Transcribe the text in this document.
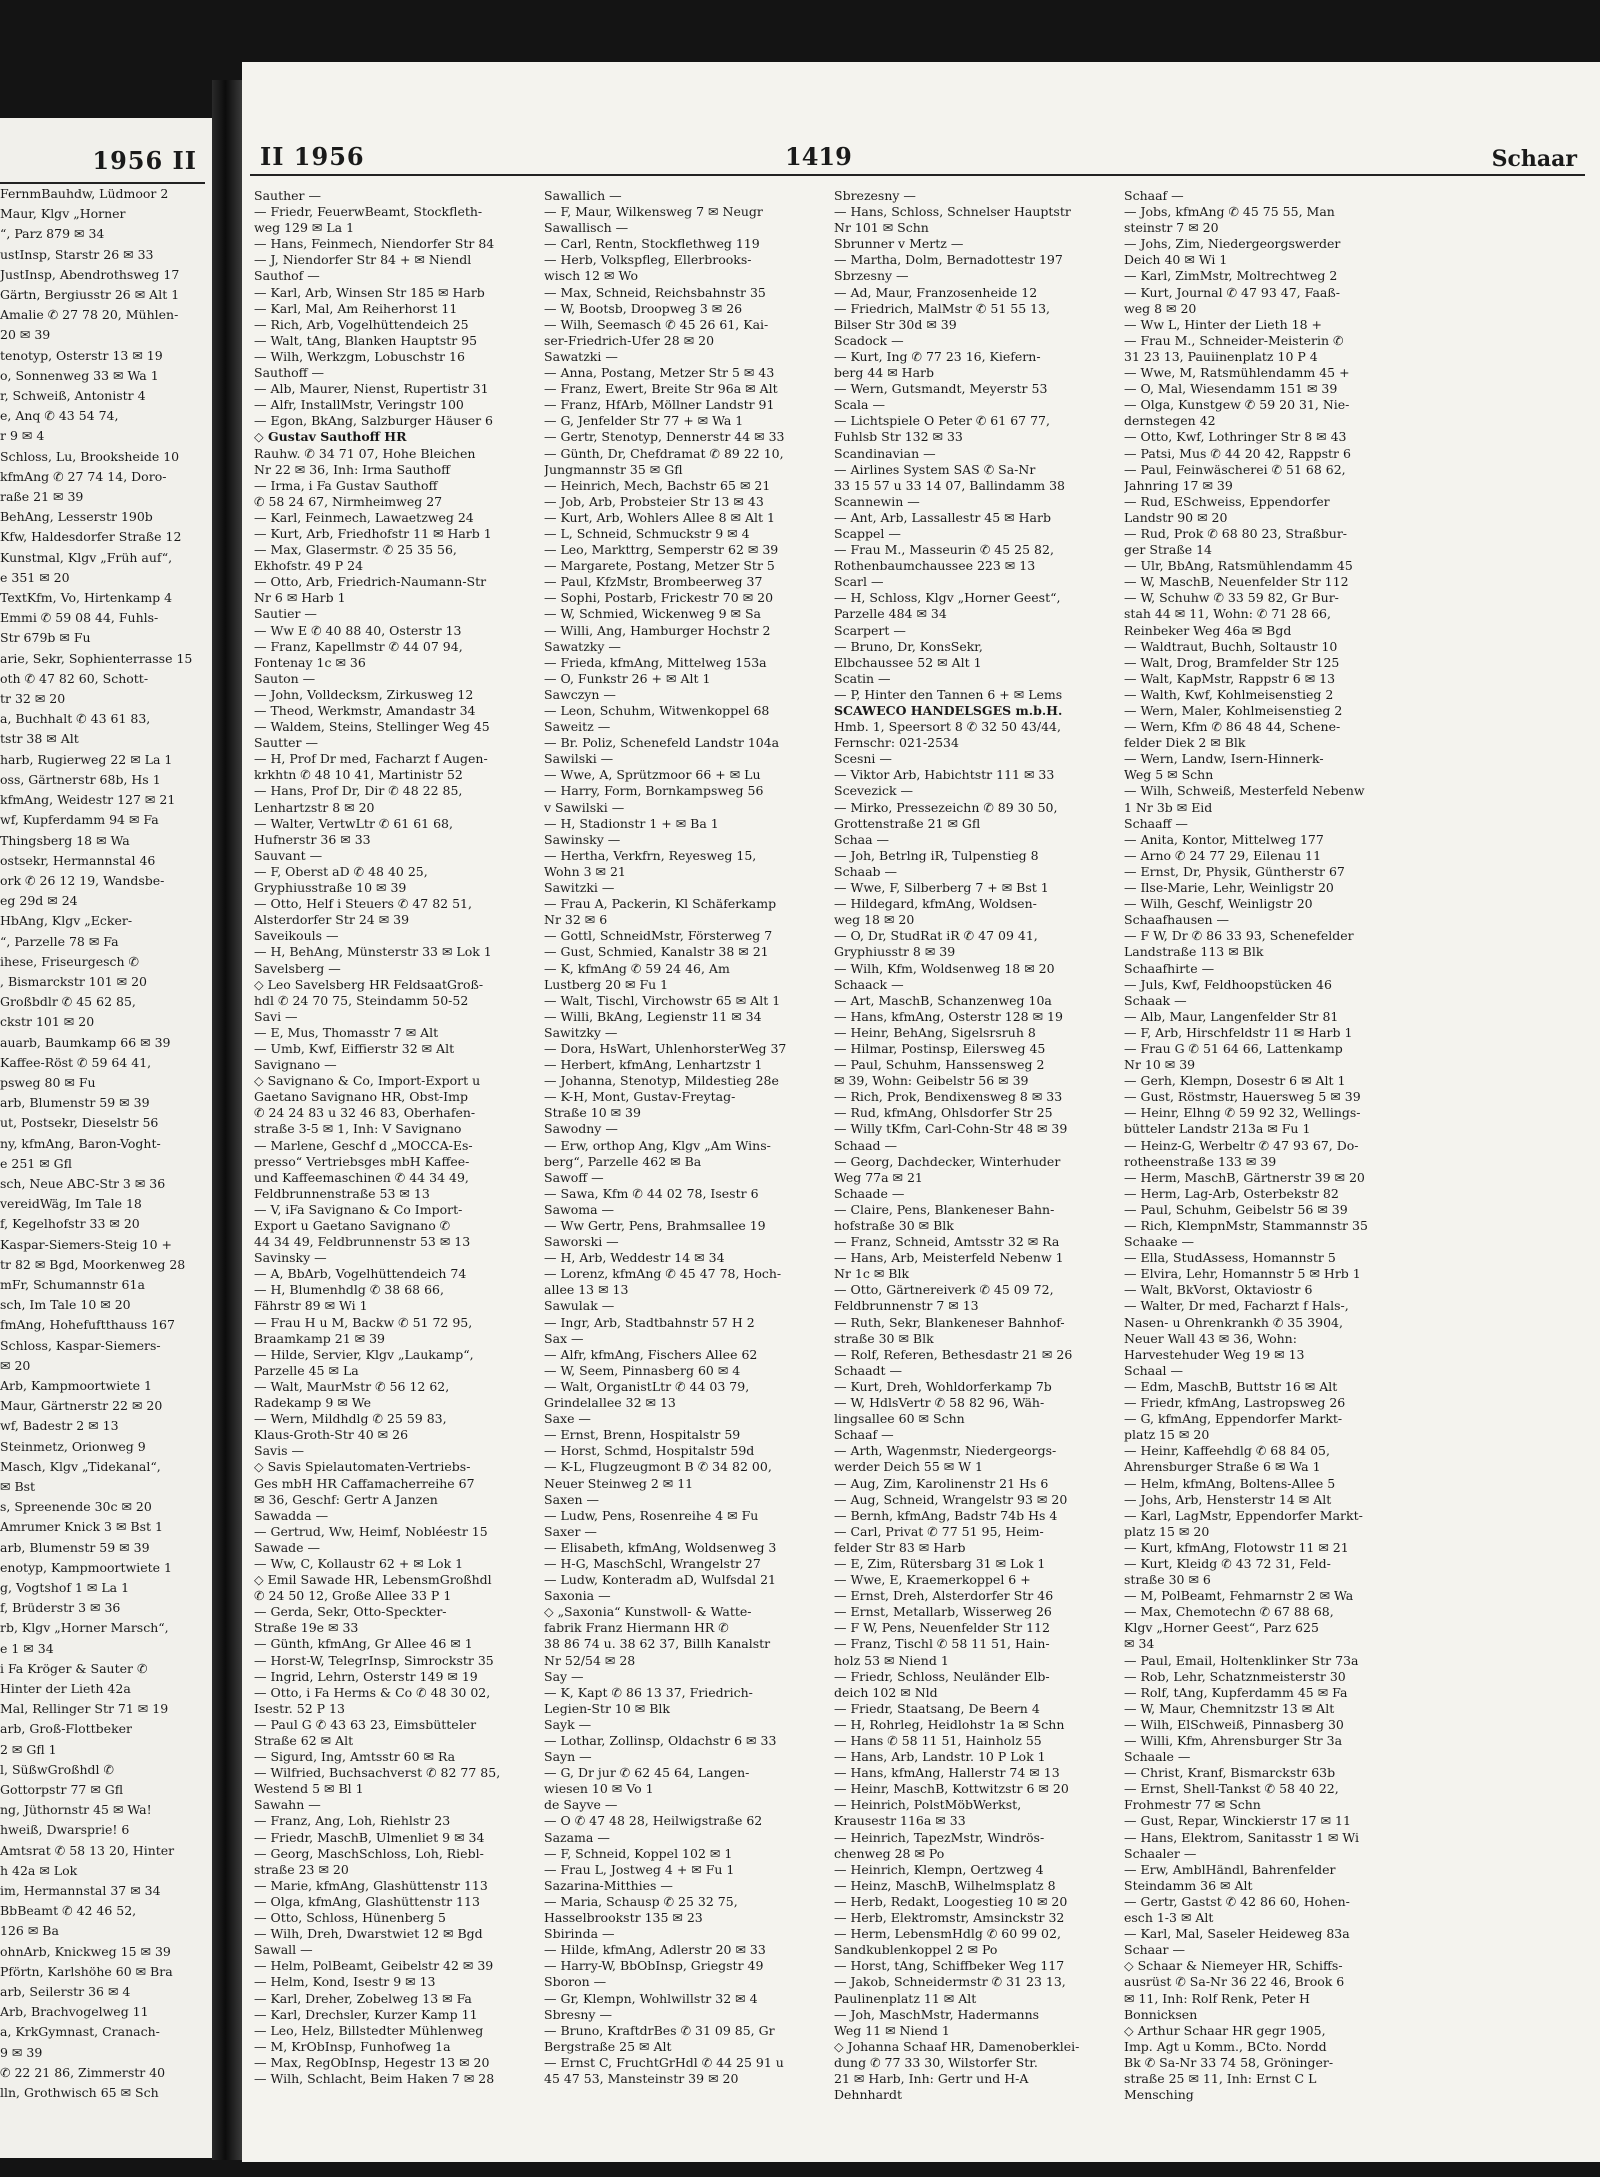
1956 II
FernmBauhdw, Lüdmoor 2
Maur, Klgv „Horner
“, Parz 879 ✉ 34
ustInsp, Starstr 26 ✉ 33
JustInsp, Abendrothsweg 17
Gärtn, Bergiusstr 26 ✉ Alt 1
Amalie ✆ 27 78 20, Mühlen-
20 ✉ 39
tenotyp, Osterstr 13 ✉ 19
o, Sonnenweg 33 ✉ Wa 1
r, Schweiß, Antonistr 4
e, Anq ✆ 43 54 74,
r 9 ✉ 4
Schloss, Lu, Brooksheide 10
kfmAng ✆ 27 74 14, Doro-
raße 21 ✉ 39
BehAng, Lesserstr 190b
Kfw, Haldesdorfer Straße 12
Kunstmal, Klgv „Früh auf“,
e 351 ✉ 20
TextKfm, Vo, Hirtenkamp 4
Emmi ✆ 59 08 44, Fuhls-
Str 679b ✉ Fu
arie, Sekr, Sophienterrasse 15
oth ✆ 47 82 60, Schott-
tr 32 ✉ 20
a, Buchhalt ✆ 43 61 83,
tstr 38 ✉ Alt
harb, Rugierweg 22 ✉ La 1
oss, Gärtnerstr 68b, Hs 1
kfmAng, Weidestr 127 ✉ 21
wf, Kupferdamm 94 ✉ Fa
Thingsberg 18 ✉ Wa
ostsekr, Hermannstal 46
ork ✆ 26 12 19, Wandsbe-
eg 29d ✉ 24
HbAng, Klgv „Ecker-
“, Parzelle 78 ✉ Fa
ihese, Friseurgesch ✆
, Bismarckstr 101 ✉ 20
Großbdlr ✆ 45 62 85,
ckstr 101 ✉ 20
auarb, Baumkamp 66 ✉ 39
Kaffee-Röst ✆ 59 64 41,
psweg 80 ✉ Fu
arb, Blumenstr 59 ✉ 39
ut, Postsekr, Dieselstr 56
ny, kfmAng, Baron-Voght-
e 251 ✉ Gfl
sch, Neue ABC-Str 3 ✉ 36
vereidWäg, Im Tale 18
f, Kegelhofstr 33 ✉ 20
Kaspar-Siemers-Steig 10 +
tr 82 ✉ Bgd, Moorkenweg 28
mFr, Schumannstr 61a
sch, Im Tale 10 ✉ 20
fmAng, Hohefuftthauss 167
Schloss, Kaspar-Siemers-
✉ 20
Arb, Kampmoortwiete 1
Maur, Gärtnerstr 22 ✉ 20
wf, Badestr 2 ✉ 13
Steinmetz, Orionweg 9
Masch, Klgv „Tidekanal“,
✉ Bst
s, Spreenende 30c ✉ 20
Amrumer Knick 3 ✉ Bst 1
arb, Blumenstr 59 ✉ 39
enotyp, Kampmoortwiete 1
g, Vogtshof 1 ✉ La 1
f, Brüderstr 3 ✉ 36
rb, Klgv „Horner Marsch“,
e 1 ✉ 34
i Fa Kröger & Sauter ✆
Hinter der Lieth 42a
Mal, Rellinger Str 71 ✉ 19
arb, Groß-Flottbeker
2 ✉ Gfl 1
l, SüßwGroßhdl ✆
Gottorpstr 77 ✉ Gfl
ng, Jüthornstr 45 ✉ Wa!
hweiß, Dwarsprie! 6
Amtsrat ✆ 58 13 20, Hinter
h 42a ✉ Lok
im, Hermannstal 37 ✉ 34
BbBeamt ✆ 42 46 52,
126 ✉ Ba
ohnArb, Knickweg 15 ✉ 39
Pförtn, Karlshöhe 60 ✉ Bra
arb, Seilerstr 36 ✉ 4
Arb, Brachvogelweg 11
a, KrkGymnast, Cranach-
9 ✉ 39
✆ 22 21 86, Zimmerstr 40
lln, Grothwisch 65 ✉ Sch
II 1956	1419	Schaar
Sauther —
— Friedr, FeuerwBeamt, Stockfleth-
weg 129 ✉ La 1
— Hans, Feinmech, Niendorfer Str 84
— J, Niendorfer Str 84 + ✉ Niendl
Sauthof —
— Karl, Arb, Winsen Str 185 ✉ Harb
— Karl, Mal, Am Reiherhorst 11
— Rich, Arb, Vogelhüttendeich 25
— Walt, tAng, Blanken Hauptstr 95
— Wilh, Werkzgm, Lobuschstr 16
Sauthoff —
— Alb, Maurer, Nienst, Rupertistr 31
— Alfr, InstallMstr, Veringstr 100
— Egon, BkAng, Salzburger Häuser 6
◇ Gustav Sauthoff HR
Rauhw. ✆ 34 71 07, Hohe Bleichen
Nr 22 ✉ 36, Inh: Irma Sauthoff
— Irma, i Fa Gustav Sauthoff
✆ 58 24 67, Nirmheimweg 27
— Karl, Feinmech, Lawaetzweg 24
— Kurt, Arb, Friedhofstr 11 ✉ Harb 1
— Max, Glasermstr. ✆ 25 35 56,
Ekhofstr. 49 P 24
— Otto, Arb, Friedrich-Naumann-Str
Nr 6 ✉ Harb 1
Sautier —
— Ww E ✆ 40 88 40, Osterstr 13
— Franz, Kapellmstr ✆ 44 07 94,
Fontenay 1c ✉ 36
Sauton —
— John, Volldecksm, Zirkusweg 12
— Theod, Werkmstr, Amandastr 34
— Waldem, Steins, Stellinger Weg 45
Sautter —
— H, Prof Dr med, Facharzt f Augen-
krkhtn ✆ 48 10 41, Martinistr 52
— Hans, Prof Dr, Dir ✆ 48 22 85,
Lenhartzstr 8 ✉ 20
— Walter, VertwLtr ✆ 61 61 68,
Hufnerstr 36 ✉ 33
Sauvant —
— F, Oberst aD ✆ 48 40 25,
Gryphiusstraße 10 ✉ 39
— Otto, Helf i Steuers ✆ 47 82 51,
Alsterdorfer Str 24 ✉ 39
Saveikouls —
— H, BehAng, Münsterstr 33 ✉ Lok 1
Savelsberg —
◇ Leo Savelsberg HR FeldsaatGroß-
hdl ✆ 24 70 75, Steindamm 50-52
Savi —
— E, Mus, Thomasstr 7 ✉ Alt
— Umb, Kwf, Eiffierstr 32 ✉ Alt
Savignano —
◇ Savignano & Co, Import-Export u
Gaetano Savignano HR, Obst-Imp
✆ 24 24 83 u 32 46 83, Oberhafen-
straße 3-5 ✉ 1, Inh: V Savignano
— Marlene, Geschf d „MOCCA-Es-
presso“ Vertriebsges mbH Kaffee-
und Kaffeemaschinen ✆ 44 34 49,
Feldbrunnenstraße 53 ✉ 13
— V, iFa Savignano & Co Import-
Export u Gaetano Savignano ✆
44 34 49, Feldbrunnenstr 53 ✉ 13
Savinsky —
— A, BbArb, Vogelhüttendeich 74
— H, Blumenhdlg ✆ 38 68 66,
Fährstr 89 ✉ Wi 1
— Frau H u M, Backw ✆ 51 72 95,
Braamkamp 21 ✉ 39
— Hilde, Servier, Klgv „Laukamp“,
Parzelle 45 ✉ La
— Walt, MaurMstr ✆ 56 12 62,
Radekamp 9 ✉ We
— Wern, Mildhdlg ✆ 25 59 83,
Klaus-Groth-Str 40 ✉ 26
Savis —
◇ Savis Spielautomaten-Vertriebs-
Ges mbH HR Caffamacherreihe 67
✉ 36, Geschf: Gertr A Janzen
Sawadda —
— Gertrud, Ww, Heimf, Nobléestr 15
Sawade —
— Ww, C, Kollaustr 62 + ✉ Lok 1
◇ Emil Sawade HR, LebensmGroßhdl
✆ 24 50 12, Große Allee 33 P 1
— Gerda, Sekr, Otto-Speckter-
Straße 19e ✉ 33
— Günth, kfmAng, Gr Allee 46 ✉ 1
— Horst-W, TelegrInsp, Simrockstr 35
— Ingrid, Lehrn, Osterstr 149 ✉ 19
— Otto, i Fa Herms & Co ✆ 48 30 02,
Isestr. 52 P 13
— Paul G ✆ 43 63 23, Eimsbütteler
Straße 62 ✉ Alt
— Sigurd, Ing, Amtsstr 60 ✉ Ra
— Wilfried, Buchsachverst ✆ 82 77 85,
Westend 5 ✉ Bl 1
Sawahn —
— Franz, Ang, Loh, Riehlstr 23
— Friedr, MaschB, Ulmenliet 9 ✉ 34
— Georg, MaschSchloss, Loh, Riebl-
straße 23 ✉ 20
— Marie, kfmAng, Glashüttenstr 113
— Olga, kfmAng, Glashüttenstr 113
— Otto, Schloss, Hünenberg 5
— Wilh, Dreh, Dwarstwiet 12 ✉ Bgd
Sawall —
— Helm, PolBeamt, Geibelstr 42 ✉ 39
— Helm, Kond, Isestr 9 ✉ 13
— Karl, Dreher, Zobelweg 13 ✉ Fa
— Karl, Drechsler, Kurzer Kamp 11
— Leo, Helz, Billstedter Mühlenweg
— M, KrObInsp, Funhofweg 1a
— Max, RegObInsp, Hegestr 13 ✉ 20
— Wilh, Schlacht, Beim Haken 7 ✉ 28
Sawallich —
— F, Maur, Wilkensweg 7 ✉ Neugr
Sawallisch —
— Carl, Rentn, Stockflethweg 119
— Herb, Volkspfleg, Ellerbrooks-
wisch 12 ✉ Wo
— Max, Schneid, Reichsbahnstr 35
— W, Bootsb, Droopweg 3 ✉ 26
— Wilh, Seemasch ✆ 45 26 61, Kai-
ser-Friedrich-Ufer 28 ✉ 20
Sawatzki —
— Anna, Postang, Metzer Str 5 ✉ 43
— Franz, Ewert, Breite Str 96a ✉ Alt
— Franz, HfArb, Möllner Landstr 91
— G, Jenfelder Str 77 + ✉ Wa 1
— Gertr, Stenotyp, Dennerstr 44 ✉ 33
— Günth, Dr, Chefdramat ✆ 89 22 10,
Jungmannstr 35 ✉ Gfl
— Heinrich, Mech, Bachstr 65 ✉ 21
— Job, Arb, Probsteier Str 13 ✉ 43
— Kurt, Arb, Wohlers Allee 8 ✉ Alt 1
— L, Schneid, Schmuckstr 9 ✉ 4
— Leo, Markttrg, Semperstr 62 ✉ 39
— Margarete, Postang, Metzer Str 5
— Paul, KfzMstr, Brombeerweg 37
— Sophi, Postarb, Frickestr 70 ✉ 20
— W, Schmied, Wickenweg 9 ✉ Sa
— Willi, Ang, Hamburger Hochstr 2
Sawatzky —
— Frieda, kfmAng, Mittelweg 153a
— O, Funkstr 26 + ✉ Alt 1
Sawczyn —
— Leon, Schuhm, Witwenkoppel 68
Saweitz —
— Br. Poliz, Schenefeld Landstr 104a
Sawilski —
— Wwe, A, Sprützmoor 66 + ✉ Lu
— Harry, Form, Bornkampsweg 56
v Sawilski —
— H, Stadionstr 1 + ✉ Ba 1
Sawinsky —
— Hertha, Verkfrn, Reyesweg 15,
Wohn 3 ✉ 21
Sawitzki —
— Frau A, Packerin, Kl Schäferkamp
Nr 32 ✉ 6
— Gottl, SchneidMstr, Försterweg 7
— Gust, Schmied, Kanalstr 38 ✉ 21
— K, kfmAng ✆ 59 24 46, Am
Lustberg 20 ✉ Fu 1
— Walt, Tischl, Virchowstr 65 ✉ Alt 1
— Willi, BkAng, Legienstr 11 ✉ 34
Sawitzky —
— Dora, HsWart, UhlenhorsterWeg 37
— Herbert, kfmAng, Lenhartzstr 1
— Johanna, Stenotyp, Mildestieg 28e
— K-H, Mont, Gustav-Freytag-
Straße 10 ✉ 39
Sawodny —
— Erw, orthop Ang, Klgv „Am Wins-
berg“, Parzelle 462 ✉ Ba
Sawoff —
— Sawa, Kfm ✆ 44 02 78, Isestr 6
Sawoma —
— Ww Gertr, Pens, Brahmsallee 19
Saworski —
— H, Arb, Weddestr 14 ✉ 34
— Lorenz, kfmAng ✆ 45 47 78, Hoch-
allee 13 ✉ 13
Sawulak —
— Ingr, Arb, Stadtbahnstr 57 H 2
Sax —
— Alfr, kfmAng, Fischers Allee 62
— W, Seem, Pinnasberg 60 ✉ 4
— Walt, OrganistLtr ✆ 44 03 79,
Grindelallee 32 ✉ 13
Saxe —
— Ernst, Brenn, Hospitalstr 59
— Horst, Schmd, Hospitalstr 59d
— K-L, Flugzeugmont B ✆ 34 82 00,
Neuer Steinweg 2 ✉ 11
Saxen —
— Ludw, Pens, Rosenreihe 4 ✉ Fu
Saxer —
— Elisabeth, kfmAng, Woldsenweg 3
— H-G, MaschSchl, Wrangelstr 27
— Ludw, Konteradm aD, Wulfsdal 21
Saxonia —
◇ „Saxonia“ Kunstwoll- & Watte-
fabrik Franz Hiermann HR ✆
38 86 74 u. 38 62 37, Billh Kanalstr
Nr 52/54 ✉ 28
Say —
— K, Kapt ✆ 86 13 37, Friedrich-
Legien-Str 10 ✉ Blk
Sayk —
— Lothar, Zollinsp, Oldachstr 6 ✉ 33
Sayn —
— G, Dr jur ✆ 62 45 64, Langen-
wiesen 10 ✉ Vo 1
de Sayve —
— O ✆ 47 48 28, Heilwigstraße 62
Sazama —
— F, Schneid, Koppel 102 ✉ 1
— Frau L, Jostweg 4 + ✉ Fu 1
Sazarina-Mitthies —
— Maria, Schausp ✆ 25 32 75,
Hasselbrookstr 135 ✉ 23
Sbirinda —
— Hilde, kfmAng, Adlerstr 20 ✉ 33
— Harry-W, BbObInsp, Griegstr 49
Sboron —
— Gr, Klempn, Wohlwillstr 32 ✉ 4
Sbresny —
— Bruno, KraftdrBes ✆ 31 09 85, Gr
Bergstraße 25 ✉ Alt
— Ernst C, FruchtGrHdl ✆ 44 25 91 u
45 47 53, Mansteinstr 39 ✉ 20
Sbrezesny —
— Hans, Schloss, Schnelser Hauptstr
Nr 101 ✉ Schn
Sbrunner v Mertz —
— Martha, Dolm, Bernadottestr 197
Sbrzesny —
— Ad, Maur, Franzosenheide 12
— Friedrich, MalMstr ✆ 51 55 13,
Bilser Str 30d ✉ 39
Scadock —
— Kurt, Ing ✆ 77 23 16, Kiefern-
berg 44 ✉ Harb
— Wern, Gutsmandt, Meyerstr 53
Scala —
— Lichtspiele O Peter ✆ 61 67 77,
Fuhlsb Str 132 ✉ 33
Scandinavian —
— Airlines System SAS ✆ Sa-Nr
33 15 57 u 33 14 07, Ballindamm 38
Scannewin —
— Ant, Arb, Lassallestr 45 ✉ Harb
Scappel —
— Frau M., Masseurin ✆ 45 25 82,
Rothenbaumchaussee 223 ✉ 13
Scarl —
— H, Schloss, Klgv „Horner Geest“,
Parzelle 484 ✉ 34
Scarpert —
— Bruno, Dr, KonsSekr,
Elbchaussee 52 ✉ Alt 1
Scatin —
— P, Hinter den Tannen 6 + ✉ Lems
SCAWECO HANDELSGES m.b.H.
Hmb. 1, Speersort 8 ✆ 32 50 43/44,
Fernschr: 021-2534
Scesni —
— Viktor Arb, Habichtstr 111 ✉ 33
Scevezick —
— Mirko, Pressezeichn ✆ 89 30 50,
Grottenstraße 21 ✉ Gfl
Schaa —
— Joh, Betrlng iR, Tulpenstieg 8
Schaab —
— Wwe, F, Silberberg 7 + ✉ Bst 1
— Hildegard, kfmAng, Woldsen-
weg 18 ✉ 20
— O, Dr, StudRat iR ✆ 47 09 41,
Gryphiusstr 8 ✉ 39
— Wilh, Kfm, Woldsenweg 18 ✉ 20
Schaack —
— Art, MaschB, Schanzenweg 10a
— Hans, kfmAng, Osterstr 128 ✉ 19
— Heinr, BehAng, Sigelsrsruh 8
— Hilmar, Postinsp, Eilersweg 45
— Paul, Schuhm, Hanssensweg 2
✉ 39, Wohn: Geibelstr 56 ✉ 39
— Rich, Prok, Bendixensweg 8 ✉ 33
— Rud, kfmAng, Ohlsdorfer Str 25
— Willy tKfm, Carl-Cohn-Str 48 ✉ 39
Schaad —
— Georg, Dachdecker, Winterhuder
Weg 77a ✉ 21
Schaade —
— Claire, Pens, Blankeneser Bahn-
hofstraße 30 ✉ Blk
— Franz, Schneid, Amtsstr 32 ✉ Ra
— Hans, Arb, Meisterfeld Nebenw 1
Nr 1c ✉ Blk
— Otto, Gärtnereiverk ✆ 45 09 72,
Feldbrunnenstr 7 ✉ 13
— Ruth, Sekr, Blankeneser Bahnhof-
straße 30 ✉ Blk
— Rolf, Referen, Bethesdastr 21 ✉ 26
Schaadt —
— Kurt, Dreh, Wohldorferkamp 7b
— W, HdlsVertr ✆ 58 82 96, Wäh-
lingsallee 60 ✉ Schn
Schaaf —
— Arth, Wagenmstr, Niedergeorgs-
werder Deich 55 ✉ W 1
— Aug, Zim, Karolinenstr 21 Hs 6
— Aug, Schneid, Wrangelstr 93 ✉ 20
— Bernh, kfmAng, Badstr 74b Hs 4
— Carl, Privat ✆ 77 51 95, Heim-
felder Str 83 ✉ Harb
— E, Zim, Rütersbarg 31 ✉ Lok 1
— Wwe, E, Kraemerkoppel 6 +
— Ernst, Dreh, Alsterdorfer Str 46
— Ernst, Metallarb, Wisserweg 26
— F W, Pens, Neuenfelder Str 112
— Franz, Tischl ✆ 58 11 51, Hain-
holz 53 ✉ Niend 1
— Friedr, Schloss, Neuländer Elb-
deich 102 ✉ Nld
— Friedr, Staatsang, De Beern 4
— H, Rohrleg, Heidlohstr 1a ✉ Schn
— Hans ✆ 58 11 51, Hainholz 55
— Hans, Arb, Landstr. 10 P Lok 1
— Hans, kfmAng, Hallerstr 74 ✉ 13
— Heinr, MaschB, Kottwitzstr 6 ✉ 20
— Heinrich, PolstMöbWerkst,
Krausestr 116a ✉ 33
— Heinrich, TapezMstr, Windrös-
chenweg 28 ✉ Po
— Heinrich, Klempn, Oertzweg 4
— Heinz, MaschB, Wilhelmsplatz 8
— Herb, Redakt, Loogestieg 10 ✉ 20
— Herb, Elektromstr, Amsinckstr 32
— Herm, LebensmHdlg ✆ 60 99 02,
Sandkublenkoppel 2 ✉ Po
— Horst, tAng, Schiffbeker Weg 117
— Jakob, Schneidermstr ✆ 31 23 13,
Paulinenplatz 11 ✉ Alt
— Joh, MaschMstr, Hadermanns
Weg 11 ✉ Niend 1
◇ Johanna Schaaf HR, Damenoberklei-
dung ✆ 77 33 30, Wilstorfer Str.
21 ✉ Harb, Inh: Gertr und H-A
Dehnhardt
Schaaf —
— Jobs, kfmAng ✆ 45 75 55, Man
steinstr 7 ✉ 20
— Johs, Zim, Niedergeorgswerder
Deich 40 ✉ Wi 1
— Karl, ZimMstr, Moltrechtweg 2
— Kurt, Journal ✆ 47 93 47, Faaß-
weg 8 ✉ 20
— Ww L, Hinter der Lieth 18 +
— Frau M., Schneider-Meisterin ✆
31 23 13, Pauiinenplatz 10 P 4
— Wwe, M, Ratsmühlendamm 45 +
— O, Mal, Wiesendamm 151 ✉ 39
— Olga, Kunstgew ✆ 59 20 31, Nie-
dernstegen 42
— Otto, Kwf, Lothringer Str 8 ✉ 43
— Patsi, Mus ✆ 44 20 42, Rappstr 6
— Paul, Feinwäscherei ✆ 51 68 62,
Jahnring 17 ✉ 39
— Rud, ESchweiss, Eppendorfer
Landstr 90 ✉ 20
— Rud, Prok ✆ 68 80 23, Straßbur-
ger Straße 14
— Ulr, BbAng, Ratsmühlendamm 45
— W, MaschB, Neuenfelder Str 112
— W, Schuhw ✆ 33 59 82, Gr Bur-
stah 44 ✉ 11, Wohn: ✆ 71 28 66,
Reinbeker Weg 46a ✉ Bgd
— Waldtraut, Buchh, Soltaustr 10
— Walt, Drog, Bramfelder Str 125
— Walt, KapMstr, Rappstr 6 ✉ 13
— Walth, Kwf, Kohlmeisenstieg 2
— Wern, Maler, Kohlmeisenstieg 2
— Wern, Kfm ✆ 86 48 44, Schene-
felder Diek 2 ✉ Blk
— Wern, Landw, Isern-Hinnerk-
Weg 5 ✉ Schn
— Wilh, Schweiß, Mesterfeld Nebenw
1 Nr 3b ✉ Eid
Schaaff —
— Anita, Kontor, Mittelweg 177
— Arno ✆ 24 77 29, Eilenau 11
— Ernst, Dr, Physik, Güntherstr 67
— Ilse-Marie, Lehr, Weinligstr 20
— Wilh, Geschf, Weinligstr 20
Schaafhausen —
— F W, Dr ✆ 86 33 93, Schenefelder
Landstraße 113 ✉ Blk
Schaafhirte —
— Juls, Kwf, Feldhoopstücken 46
Schaak —
— Alb, Maur, Langenfelder Str 81
— F, Arb, Hirschfeldstr 11 ✉ Harb 1
— Frau G ✆ 51 64 66, Lattenkamp
Nr 10 ✉ 39
— Gerh, Klempn, Dosestr 6 ✉ Alt 1
— Gust, Röstmstr, Hauersweg 5 ✉ 39
— Heinr, Elhng ✆ 59 92 32, Wellings-
bütteler Landstr 213a ✉ Fu 1
— Heinz-G, Werbeltr ✆ 47 93 67, Do-
rotheenstraße 133 ✉ 39
— Herm, MaschB, Gärtnerstr 39 ✉ 20
— Herm, Lag-Arb, Osterbekstr 82
— Paul, Schuhm, Geibelstr 56 ✉ 39
— Rich, KlempnMstr, Stammannstr 35
Schaake —
— Ella, StudAssess, Homannstr 5
— Elvira, Lehr, Homannstr 5 ✉ Hrb 1
— Walt, BkVorst, Oktaviostr 6
— Walter, Dr med, Facharzt f Hals-,
Nasen- u Ohrenkrankh ✆ 35 3904,
Neuer Wall 43 ✉ 36, Wohn:
Harvestehuder Weg 19 ✉ 13
Schaal —
— Edm, MaschB, Buttstr 16 ✉ Alt
— Friedr, kfmAng, Lastropsweg 26
— G, kfmAng, Eppendorfer Markt-
platz 15 ✉ 20
— Heinr, Kaffeehdlg ✆ 68 84 05,
Ahrensburger Straße 6 ✉ Wa 1
— Helm, kfmAng, Boltens-Allee 5
— Johs, Arb, Hensterstr 14 ✉ Alt
— Karl, LagMstr, Eppendorfer Markt-
platz 15 ✉ 20
— Kurt, kfmAng, Flotowstr 11 ✉ 21
— Kurt, Kleidg ✆ 43 72 31, Feld-
straße 30 ✉ 6
— M, PolBeamt, Fehmarnstr 2 ✉ Wa
— Max, Chemotechn ✆ 67 88 68,
Klgv „Horner Geest“, Parz 625
✉ 34
— Paul, Email, Holtenklinker Str 73a
— Rob, Lehr, Schatznmeisterstr 30
— Rolf, tAng, Kupferdamm 45 ✉ Fa
— W, Maur, Chemnitzstr 13 ✉ Alt
— Wilh, ElSchweiß, Pinnasberg 30
— Willi, Kfm, Ahrensburger Str 3a
Schaale —
— Christ, Kranf, Bismarckstr 63b
— Ernst, Shell-Tankst ✆ 58 40 22,
Frohmestr 77 ✉ Schn
— Gust, Repar, Winckierstr 17 ✉ 11
— Hans, Elektrom, Sanitasstr 1 ✉ Wi
Schaaler —
— Erw, AmblHändl, Bahrenfelder
Steindamm 36 ✉ Alt
— Gertr, Gastst ✆ 42 86 60, Hohen-
esch 1-3 ✉ Alt
— Karl, Mal, Saseler Heideweg 83a
Schaar —
◇ Schaar & Niemeyer HR, Schiffs-
ausrüst ✆ Sa-Nr 36 22 46, Brook 6
✉ 11, Inh: Rolf Renk, Peter H
Bonnicksen
◇ Arthur Schaar HR gegr 1905,
Imp. Agt u Komm., BCto. Nordd
Bk ✆ Sa-Nr 33 74 58, Gröninger-
straße 25 ✉ 11, Inh: Ernst C L
Mensching
